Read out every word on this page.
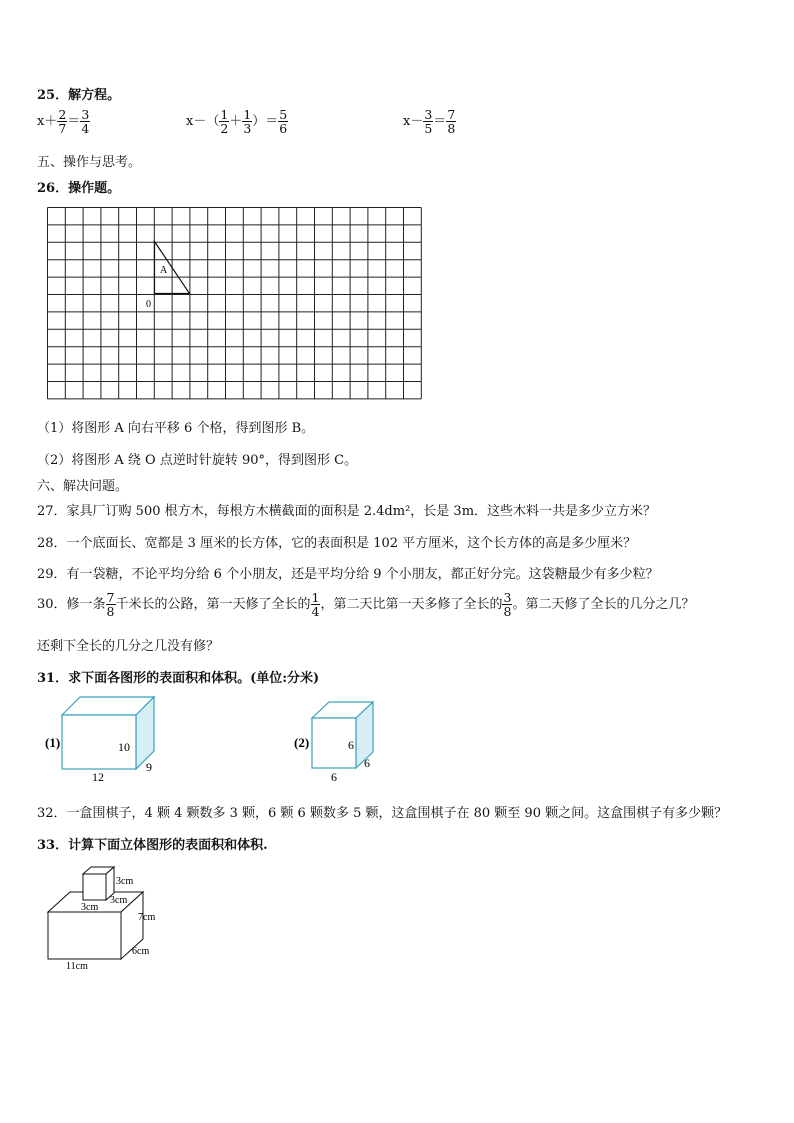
25．解方程。
$x+ \frac{2}{7} = \frac{3}{4}$	$x-( \frac{1}{2} + \frac{1}{3}$ ）＝ $\frac{5}{6}$	$x- \frac{3}{5} = \frac{7}{8}$
五、操作与思考。
26．操作题。
A
0
（1）将图形 A 向右平移 6 个格，得到图形 B。
（2）将图形 A 绕 O 点逆时针旋转 90°，得到图形 C。
六、解决问题。
27．家具厂订购 500 根方木，每根方木横截面的面积是 2.4dm²，长是 3m．这些木料一共是多少立方米？
28．一个底面长、宽都是 3 厘米的长方体，它的表面积是 102 平方厘米，这个长方体的高是多少厘米？
29．有一袋糖，不论平均分给 6 个小朋友，还是平均分给 9 个小朋友，都正好分完。这袋糖最少有多少粒？
30．修一条 $\frac{7}{8}$ 千米长的公路，第一天修了全长的 $\frac{1}{4}$ ，第二天比第一天多修了全长的 $\frac{3}{8}$ 。第二天修了全长的几分之几？
还剩下全长的几分之几没有修？
31．求下面各图形的表面积和体积。(单位:分米)
(1)	10
12
9
(2)	6
6
6
32．一盒围棋子，4 颗 4 颗数多 3 颗，6 颗 6 颗数多 5 颗，这盒围棋子在 80 颗至 90 颗之间。这盒围棋子有多少颗？
33．计算下面立体图形的表面积和体积.
3cm
3cm
3cm
7cm
6cm
11cm
